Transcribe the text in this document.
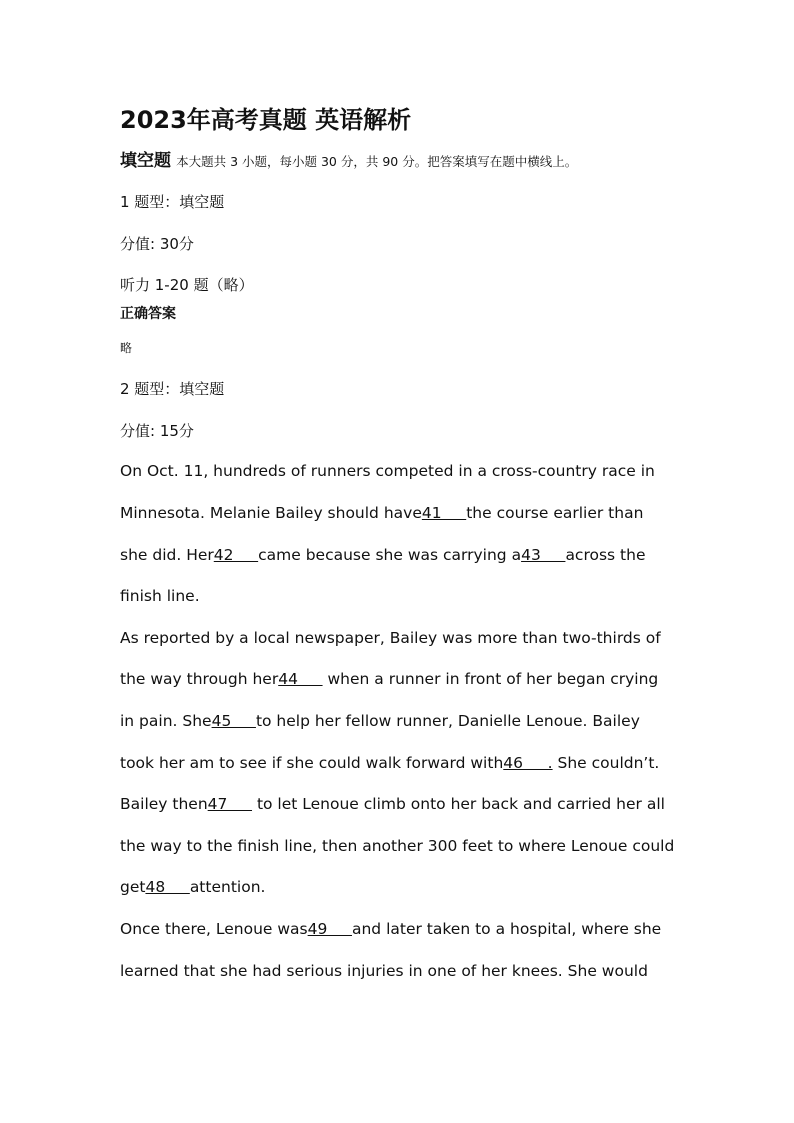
2023年高考真题 英语解析
填空题 本大题共 3 小题，每小题 30 分，共 90 分。把答案填写在题中横线上。
1 题型：填空题
分值: 30分
听力 1-20 题（略）
正确答案
略
2 题型：填空题
分值: 15分
On Oct. 11, hundreds of runners competed in a cross-country race in
Minnesota. Melanie Bailey should have41     the course earlier than
she did. Her42     came because she was carrying a43     across the
finish line.
As reported by a local newspaper, Bailey was more than two-thirds of
the way through her44      when a runner in front of her began crying
in pain. She45     to help her fellow runner, Danielle Lenoue. Bailey
took her am to see if she could walk forward with46     . She couldn’t.
Bailey then47      to let Lenoue climb onto her back and carried her all
the way to the finish line, then another 300 feet to where Lenoue could
get48     attention.
Once there, Lenoue was49     and later taken to a hospital, where she
learned that she had serious injuries in one of her knees. She would
